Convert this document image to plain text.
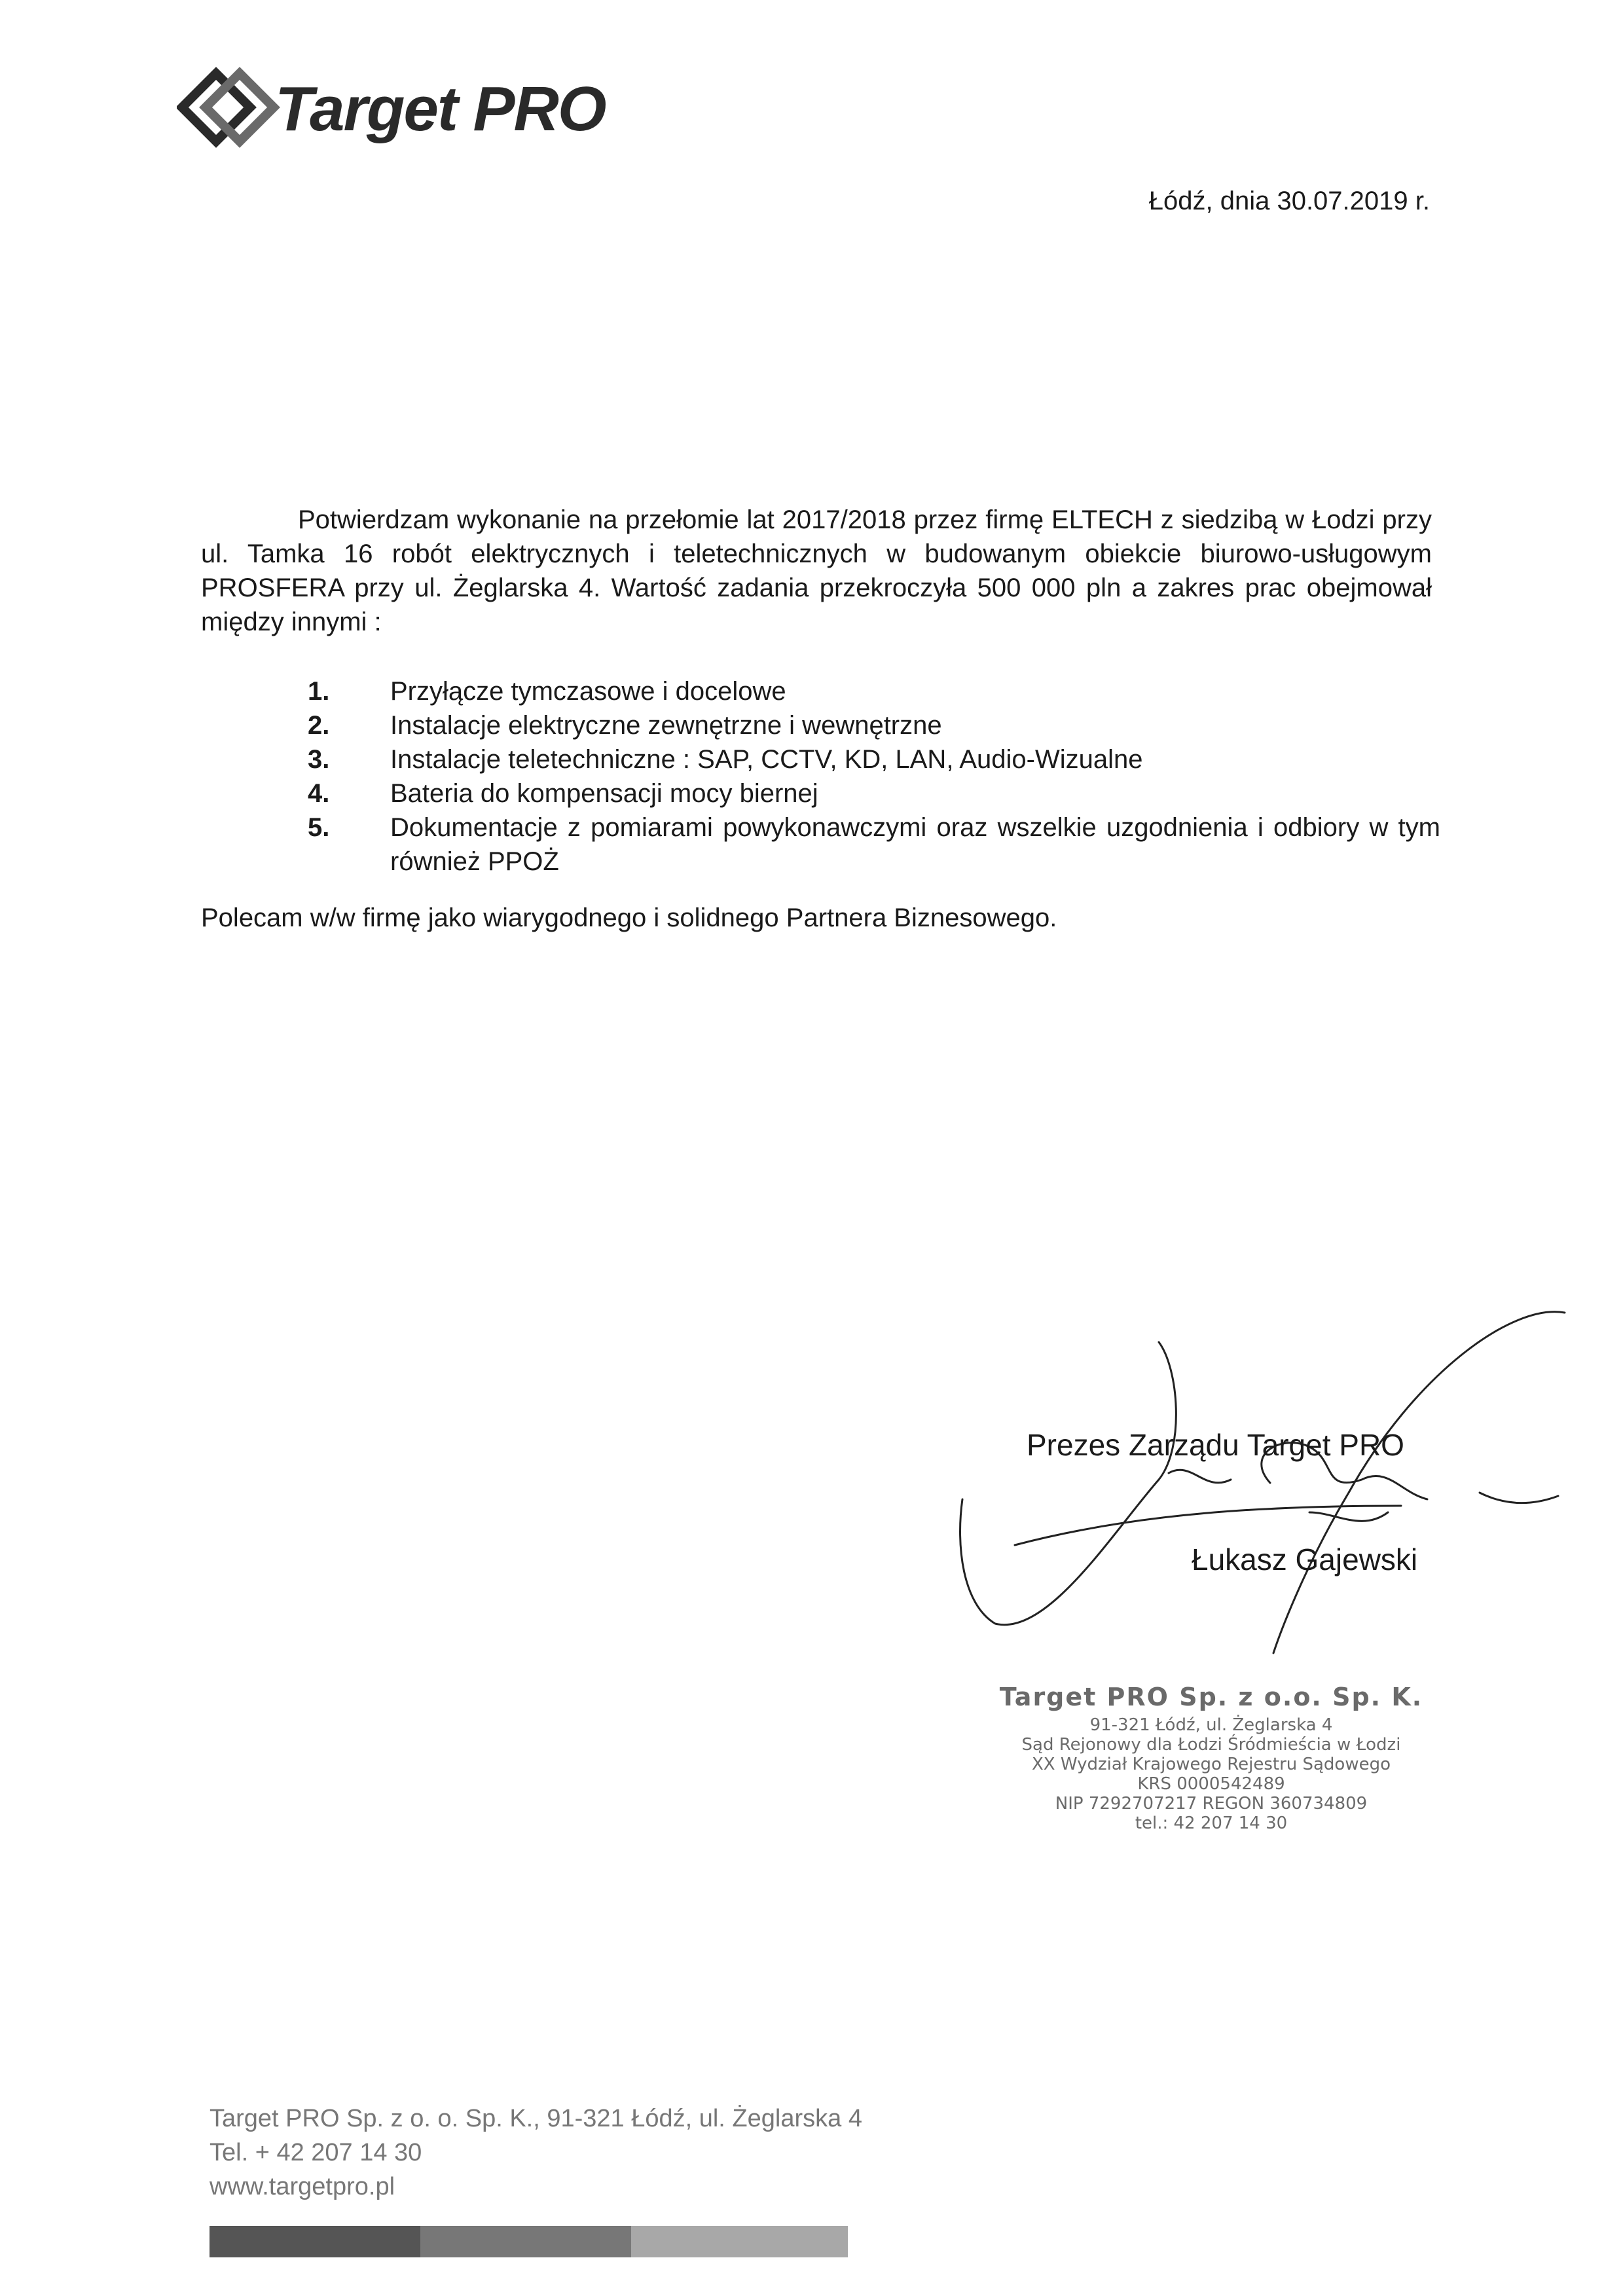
Target PRO
Łódź, dnia 30.07.2019 r.
Potwierdzam wykonanie na przełomie lat 2017/2018 przez firmę ELTECH z siedzibą w Łodzi przy ul. Tamka 16 robót elektrycznych i teletechnicznych w budowanym obiekcie biurowo-usługowym PROSFERA przy ul. Żeglarska 4. Wartość zadania przekroczyła 500 000 pln a zakres prac obejmował między innymi :
1.	Przyłącze tymczasowe i docelowe
2.	Instalacje elektryczne zewnętrzne i wewnętrzne
3.	Instalacje teletechniczne : SAP, CCTV, KD, LAN, Audio-Wizualne
4.	Bateria do kompensacji mocy biernej
5.	Dokumentacje z pomiarami powykonawczymi oraz wszelkie uzgodnienia i odbiory w tym również PPOŻ
Polecam w/w firmę jako wiarygodnego i solidnego Partnera Biznesowego.
Prezes Zarządu Target PRO
Łukasz Gajewski
Target PRO Sp. z o.o. Sp. K.
91-321 Łódź, ul. Żeglarska 4
Sąd Rejonowy dla Łodzi Śródmieścia w Łodzi
XX Wydział Krajowego Rejestru Sądowego
KRS 0000542489
NIP 7292707217 REGON 360734809
tel.: 42 207 14 30
Target PRO Sp. z o. o. Sp. K., 91-321 Łódź, ul. Żeglarska 4
Tel. + 42 207 14 30
www.targetpro.pl
